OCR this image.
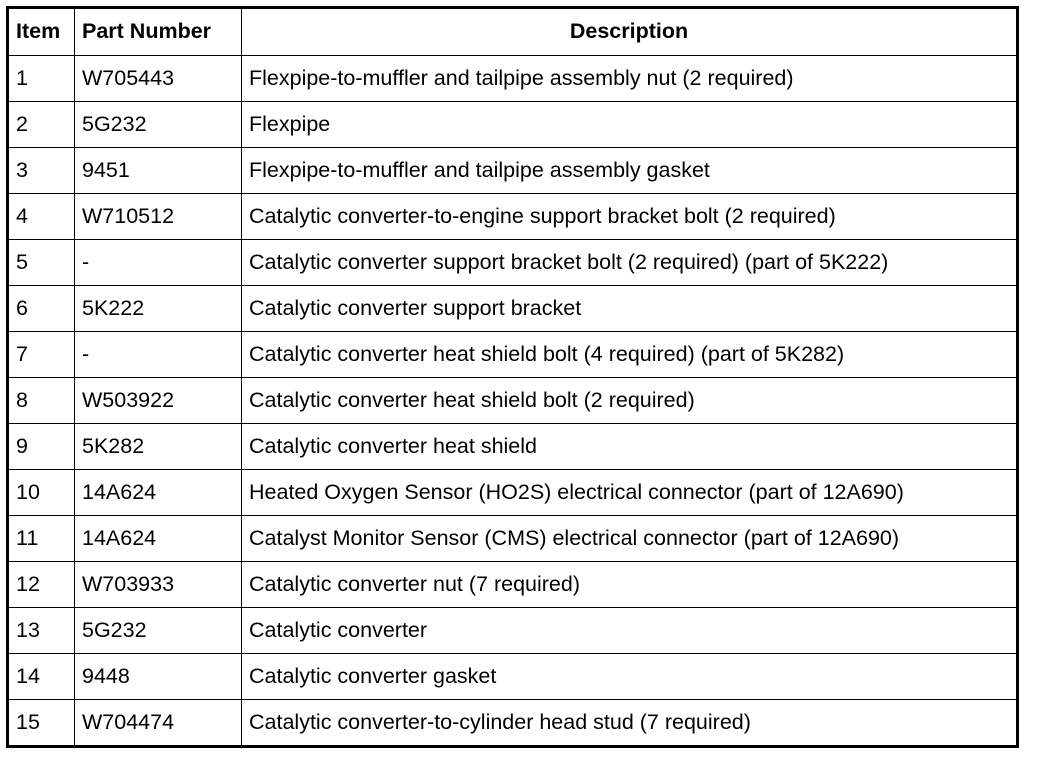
Item	Part Number	Description
1	W705443	Flexpipe-to-muffler and tailpipe assembly nut (2 required)
2	5G232	Flexpipe
3	9451	Flexpipe-to-muffler and tailpipe assembly gasket
4	W710512	Catalytic converter-to-engine support bracket bolt (2 required)
5	-	Catalytic converter support bracket bolt (2 required) (part of 5K222)
6	5K222	Catalytic converter support bracket
7	-	Catalytic converter heat shield bolt (4 required) (part of 5K282)
8	W503922	Catalytic converter heat shield bolt (2 required)
9	5K282	Catalytic converter heat shield
10	14A624	Heated Oxygen Sensor (HO2S) electrical connector (part of 12A690)
11	14A624	Catalyst Monitor Sensor (CMS) electrical connector (part of 12A690)
12	W703933	Catalytic converter nut (7 required)
13	5G232	Catalytic converter
14	9448	Catalytic converter gasket
15	W704474	Catalytic converter-to-cylinder head stud (7 required)
